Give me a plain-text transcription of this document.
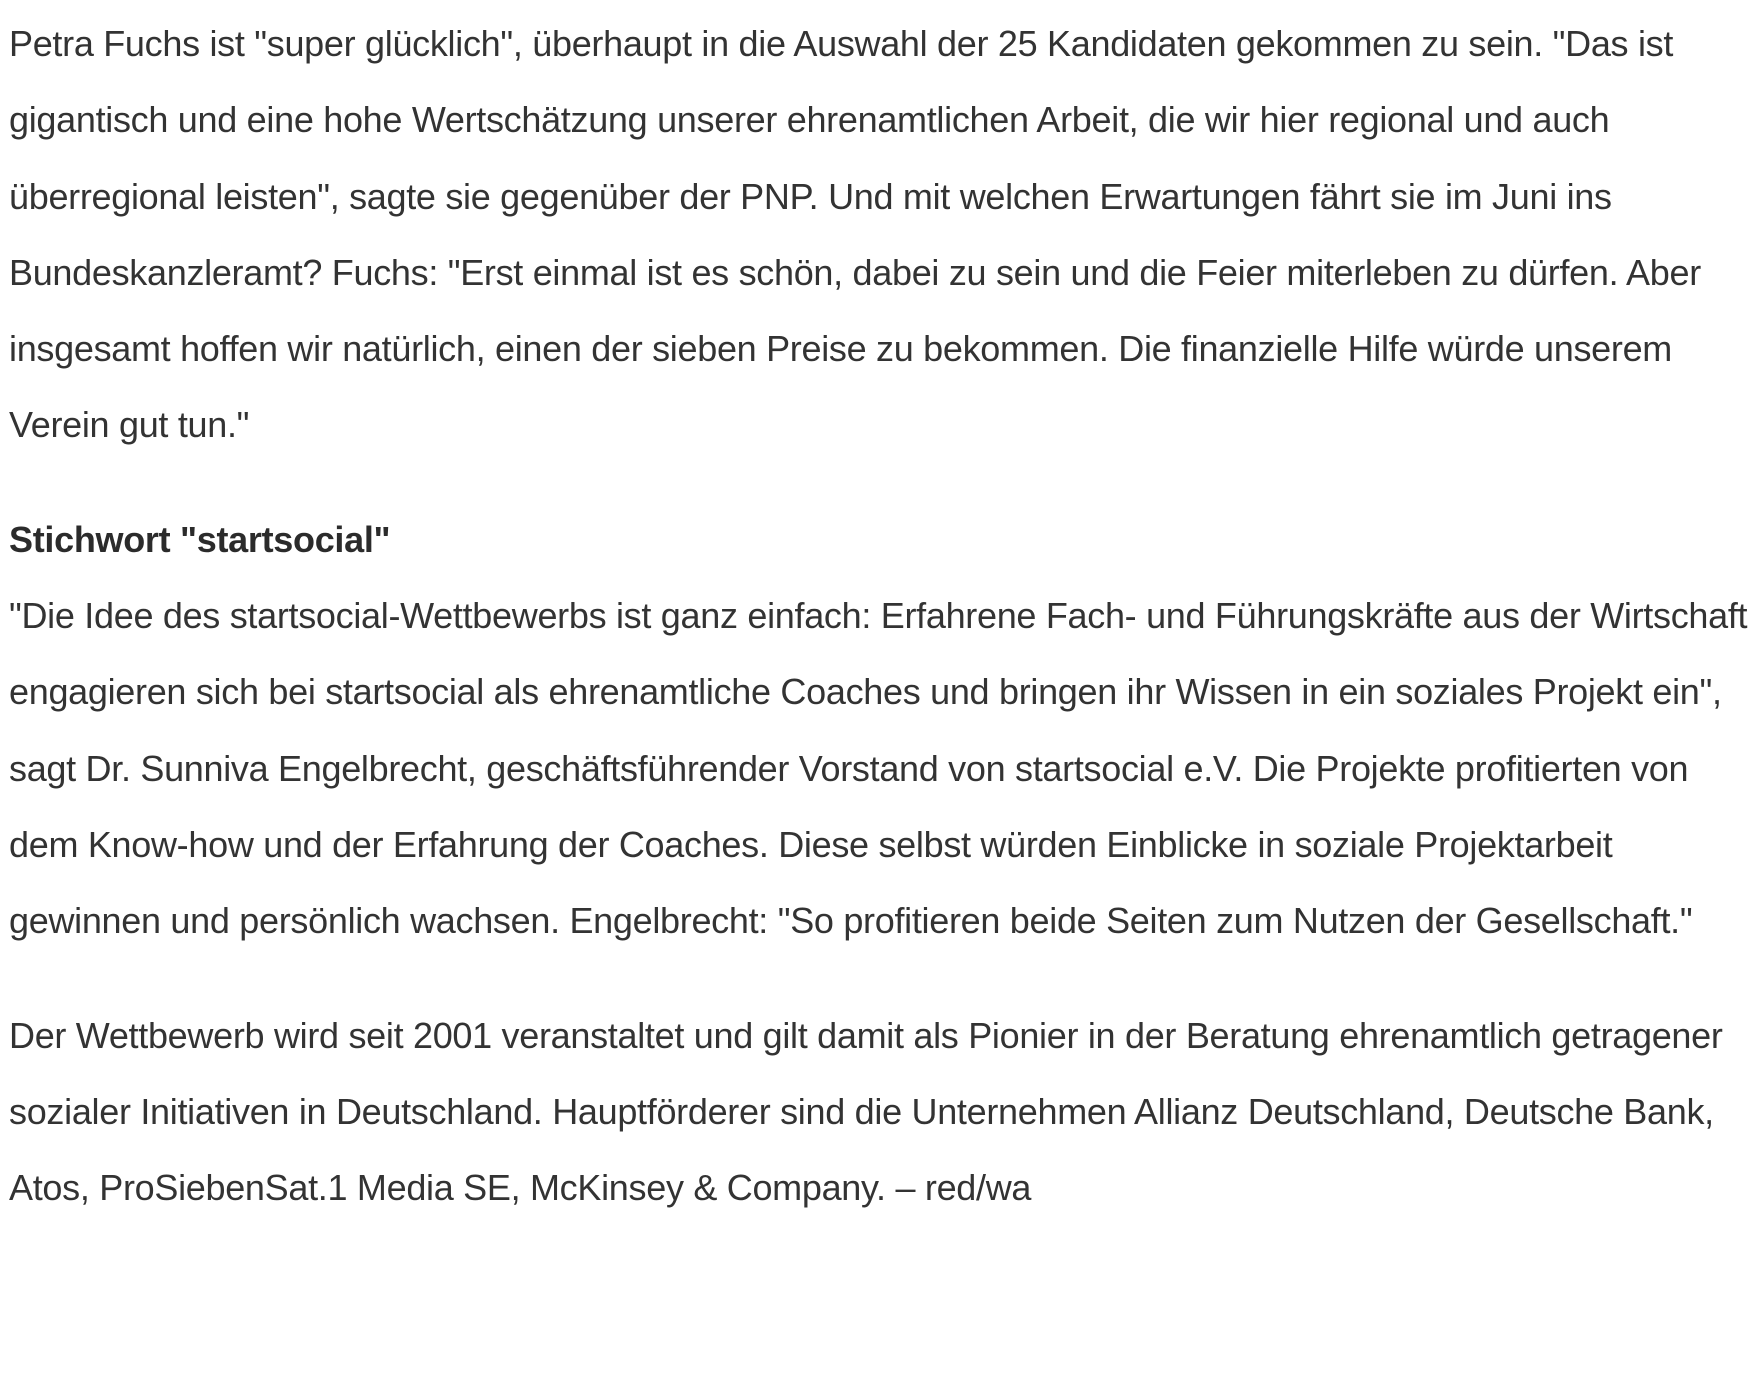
Petra Fuchs ist "super glücklich", überhaupt in die Auswahl der 25 Kandidaten gekommen zu sein. "Das ist gigantisch und eine hohe Wertschätzung unserer ehrenamtlichen Arbeit, die wir hier regional und auch überregional leisten", sagte sie gegenüber der PNP. Und mit welchen Erwartungen fährt sie im Juni ins Bundeskanzleramt? Fuchs: "Erst einmal ist es schön, dabei zu sein und die Feier miterleben zu dürfen. Aber insgesamt hoffen wir natürlich, einen der sieben Preise zu bekommen. Die finanzielle Hilfe würde unserem Verein gut tun."

Stichwort "startsocial"

"Die Idee des startsocial-Wettbewerbs ist ganz einfach: Erfahrene Fach- und Führungskräfte aus der Wirtschaft engagieren sich bei startsocial als ehrenamtliche Coaches und bringen ihr Wissen in ein soziales Projekt ein", sagt Dr. Sunniva Engelbrecht, geschäftsführender Vorstand von startsocial e.V. Die Projekte profitierten von dem Know-how und der Erfahrung der Coaches. Diese selbst würden Einblicke in soziale Projektarbeit gewinnen und persönlich wachsen. Engelbrecht: "So profitieren beide Seiten zum Nutzen der Gesellschaft."

Der Wettbewerb wird seit 2001 veranstaltet und gilt damit als Pionier in der Beratung ehrenamtlich getragener sozialer Initiativen in Deutschland. Hauptförderer sind die Unternehmen Allianz Deutschland, Deutsche Bank, Atos, ProSiebenSat.1 Media SE, McKinsey & Company. – red/wa
